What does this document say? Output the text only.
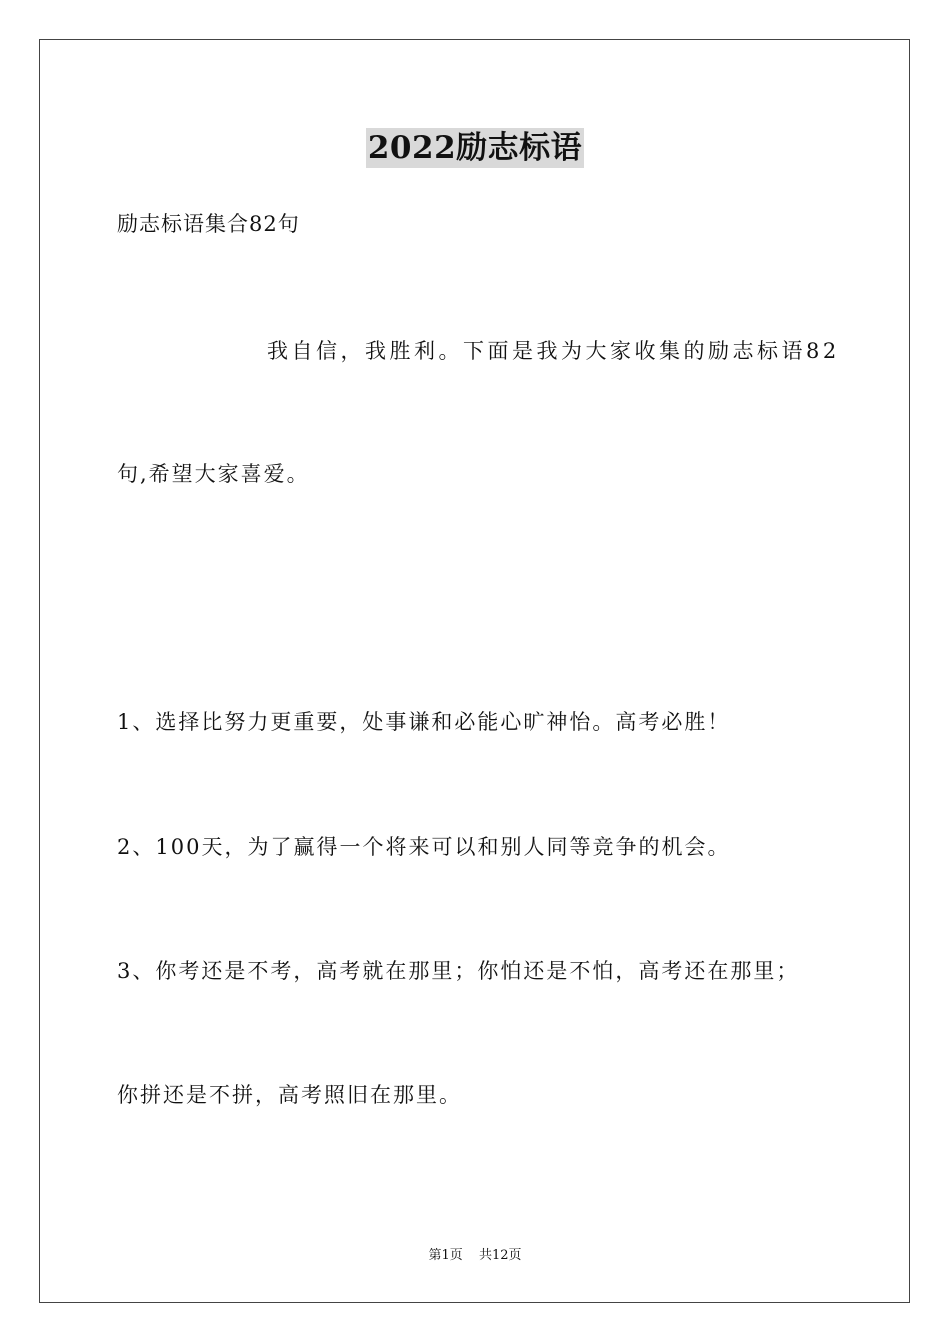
2022励志标语
励志标语集合82句
我自信，我胜利。下面是我为大家收集的励志标语82
句,希望大家喜爱。
1、选择比努力更重要，处事谦和必能心旷神怡。高考必胜！
2、100天，为了赢得一个将来可以和别人同等竞争的机会。
3、你考还是不考，高考就在那里；你怕还是不怕，高考还在那里；
你拼还是不拼，高考照旧在那里。
第1页 共12页
